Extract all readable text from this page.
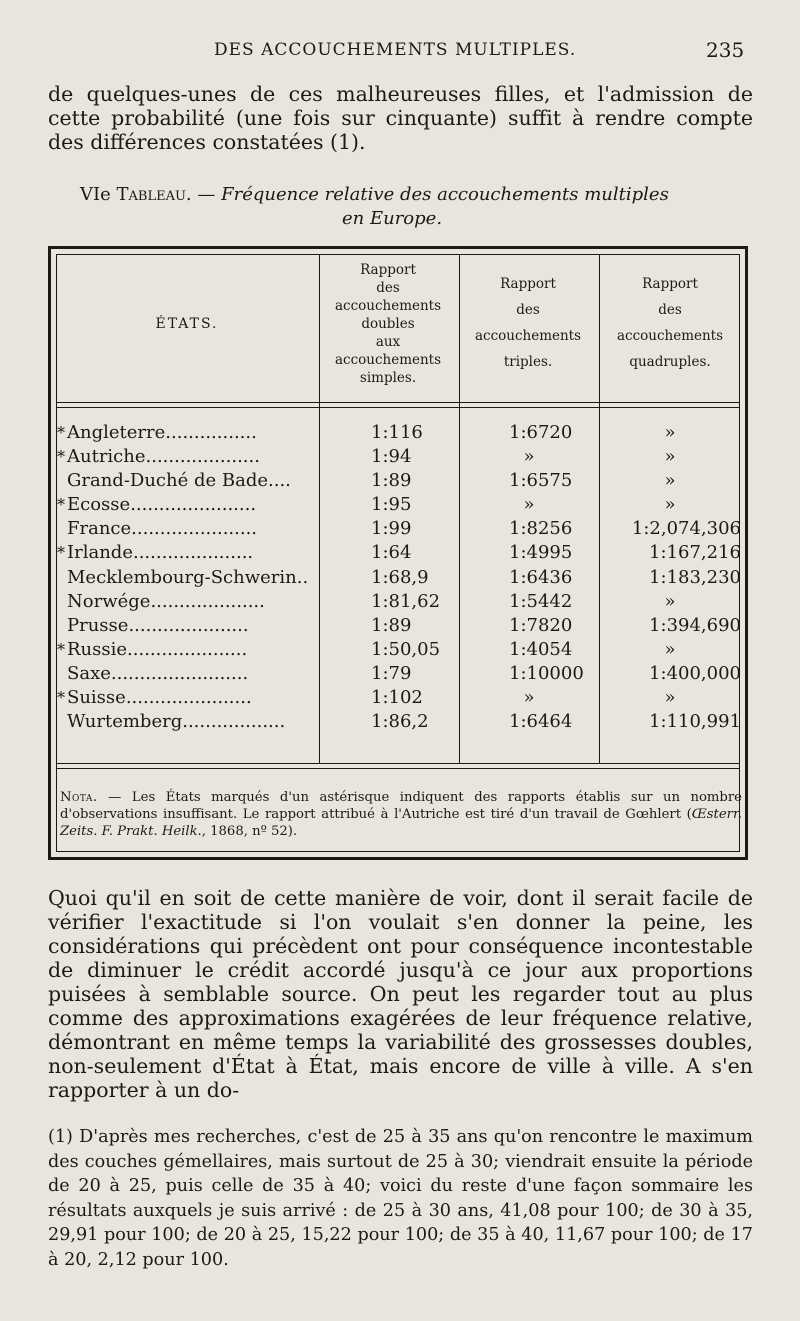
DES ACCOUCHEMENTS MULTIPLES.	235
de quelques-unes de ces malheureuses filles, et l'admission de cette probabilité (une fois sur cinquante) suffit à rendre compte des différences constatées (1).
VIe Tableau. — Fréquence relative des accouchements multiples
en Europe.
ÉTATS.
Rapport
des
accouchements
doubles
aux
accouchements
simples.
Rapport
des
accouchements
triples.
Rapport
des
accouchements
quadruples.
* Angleterre................	1:116	1:6720	»
* Autriche....................	1:94	»	»
Grand-Duché de Bade....	1:89	1:6575	»
* Ecosse......................	1:95	»	»
France......................	1:99	1:8256	1:2,074,306
* Irlande.....................	1:64	1:4995	1:167,216
Mecklembourg-Schwerin..	1:68,9	1:6436	1:183,230
Norwége....................	1:81,62	1:5442	»
Prusse.....................	1:89	1:7820	1:394,690
* Russie.....................	1:50,05	1:4054	»
Saxe........................	1:79	1:10000	1:400,000
* Suisse......................	1:102	»	»
Wurtemberg..................	1:86,2	1:6464	1:110,991
Nota. — Les États marqués d'un astérisque indiquent des rapports établis sur un nombre d'observations insuffisant. Le rapport attribué à l'Autriche est tiré d'un travail de Gœhlert (Œsterr. Zeits. F. Prakt. Heilk., 1868, nº 52).
Quoi qu'il en soit de cette manière de voir, dont il serait facile de vérifier l'exactitude si l'on voulait s'en donner la peine, les considérations qui précèdent ont pour conséquence incontestable de diminuer le crédit accordé jusqu'à ce jour aux proportions puisées à semblable source. On peut les regarder tout au plus comme des approximations exagérées de leur fréquence relative, démontrant en même temps la variabilité des grossesses doubles, non-seulement d'État à État, mais encore de ville à ville. A s'en rapporter à un do-
(1) D'après mes recherches, c'est de 25 à 35 ans qu'on rencontre le maximum des couches gémellaires, mais surtout de 25 à 30; viendrait ensuite la période de 20 à 25, puis celle de 35 à 40; voici du reste d'une façon sommaire les résultats auxquels je suis arrivé : de 25 à 30 ans, 41,08 pour 100; de 30 à 35, 29,91 pour 100; de 20 à 25, 15,22 pour 100; de 35 à 40, 11,67 pour 100; de 17 à 20, 2,12 pour 100.
